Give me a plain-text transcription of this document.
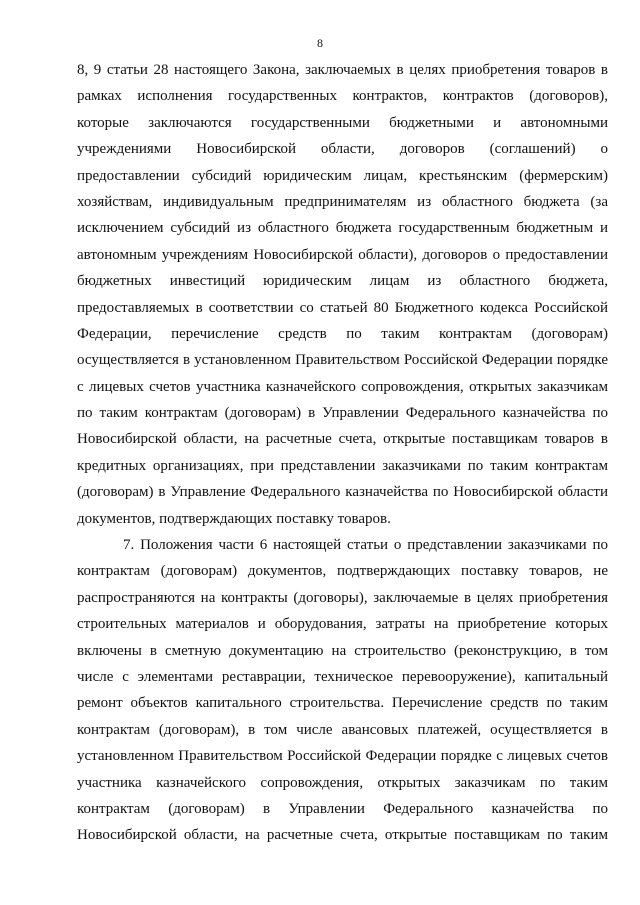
8

8, 9 статьи 28 настоящего Закона, заключаемых в целях приобретения товаров в
рамках исполнения государственных контрактов, контрактов (договоров),
которые заключаются государственными бюджетными и автономными
учреждениями Новосибирской области, договоров (соглашений) о
предоставлении субсидий юридическим лицам, крестьянским (фермерским)
хозяйствам, индивидуальным предпринимателям из областного бюджета (за
исключением субсидий из областного бюджета государственным бюджетным и
автономным учреждениям Новосибирской области), договоров о предоставлении
бюджетных инвестиций юридическим лицам из областного бюджета,
предоставляемых в соответствии со статьей 80 Бюджетного кодекса Российской
Федерации, перечисление средств по таким контрактам (договорам)
осуществляется в установленном Правительством Российской Федерации порядке
с лицевых счетов участника казначейского сопровождения, открытых заказчикам
по таким контрактам (договорам) в Управлении Федерального казначейства по
Новосибирской области, на расчетные счета, открытые поставщикам товаров в
кредитных организациях, при представлении заказчиками по таким контрактам
(договорам) в Управление Федерального казначейства по Новосибирской области
документов, подтверждающих поставку товаров.

7. Положения части 6 настоящей статьи о представлении заказчиками по
контрактам (договорам) документов, подтверждающих поставку товаров, не
распространяются на контракты (договоры), заключаемые в целях приобретения
строительных материалов и оборудования, затраты на приобретение которых
включены в сметную документацию на строительство (реконструкцию, в том
числе с элементами реставрации, техническое перевооружение), капитальный
ремонт объектов капитального строительства. Перечисление средств по таким
контрактам (договорам), в том числе авансовых платежей, осуществляется в
установленном Правительством Российской Федерации порядке с лицевых счетов
участника казначейского сопровождения, открытых заказчикам по таким
контрактам (договорам) в Управлении Федерального казначейства по
Новосибирской области, на расчетные счета, открытые поставщикам по таким
